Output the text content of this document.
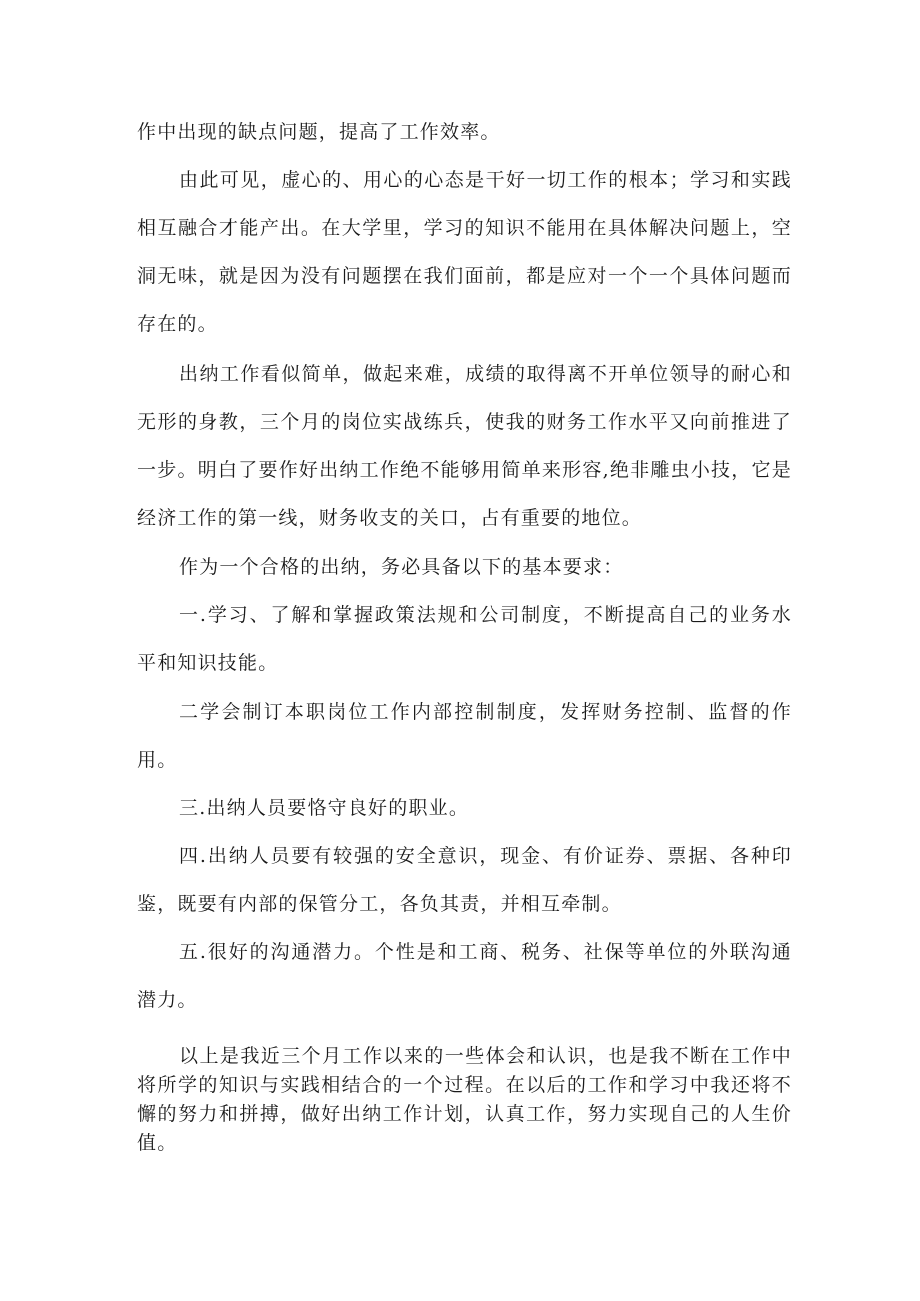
作中出现的缺点问题，提高了工作效率。

由此可见，虚心的、用心的心态是干好一切工作的根本；学习和实践相互融合才能产出。在大学里，学习的知识不能用在具体解决问题上，空洞无味，就是因为没有问题摆在我们面前，都是应对一个一个具体问题而存在的。

出纳工作看似简单，做起来难，成绩的取得离不开单位领导的耐心和无形的身教，三个月的岗位实战练兵，使我的财务工作水平又向前推进了一步。明白了要作好出纳工作绝不能够用简单来形容,绝非雕虫小技，它是经济工作的第一线，财务收支的关口，占有重要的地位。

作为一个合格的出纳，务必具备以下的基本要求：

一.学习、了解和掌握政策法规和公司制度，不断提高自己的业务水平和知识技能。

二学会制订本职岗位工作内部控制制度，发挥财务控制、监督的作用。

三.出纳人员要恪守良好的职业。

四.出纳人员要有较强的安全意识，现金、有价证券、票据、各种印鉴，既要有内部的保管分工，各负其责，并相互牵制。

五.很好的沟通潜力。个性是和工商、税务、社保等单位的外联沟通潜力。

以上是我近三个月工作以来的一些体会和认识，也是我不断在工作中将所学的知识与实践相结合的一个过程。在以后的工作和学习中我还将不懈的努力和拼搏，做好出纳工作计划，认真工作，努力实现自己的人生价值。
